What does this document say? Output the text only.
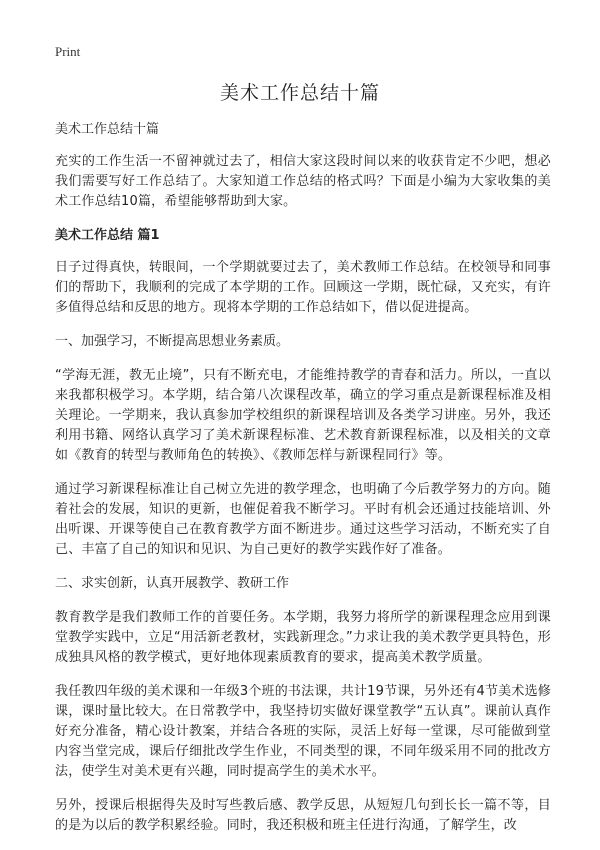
Print
美术工作总结十篇
美术工作总结十篇

充实的工作生活一不留神就过去了，相信大家这段时间以来的收获肯定不少吧，想必我们需要写好工作总结了。大家知道工作总结的格式吗？下面是小编为大家收集的美术工作总结10篇，希望能够帮助到大家。

美术工作总结 篇1

日子过得真快，转眼间，一个学期就要过去了，美术教师工作总结。在校领导和同事们的帮助下，我顺利的完成了本学期的工作。回顾这一学期，既忙碌，又充实，有许多值得总结和反思的地方。现将本学期的工作总结如下，借以促进提高。

一、加强学习，不断提高思想业务素质。

“学海无涯，教无止境”，只有不断充电，才能维持教学的青春和活力。所以，一直以来我都积极学习。本学期，结合第八次课程改革，确立的学习重点是新课程标准及相关理论。一学期来，我认真参加学校组织的新课程培训及各类学习讲座。另外，我还利用书籍、网络认真学习了美术新课程标准、艺术教育新课程标准，以及相关的文章如《教育的转型与教师角色的转换》、《教师怎样与新课程同行》等。

通过学习新课程标准让自己树立先进的教学理念，也明确了今后教学努力的方向。随着社会的发展，知识的更新，也催促着我不断学习。平时有机会还通过技能培训、外出听课、开课等使自己在教育教学方面不断进步。通过这些学习活动，不断充实了自己、丰富了自己的知识和见识、为自己更好的教学实践作好了准备。

二、求实创新，认真开展教学、教研工作

教育教学是我们教师工作的首要任务。本学期，我努力将所学的新课程理念应用到课堂教学实践中，立足“用活新老教材，实践新理念。”力求让我的美术教学更具特色，形成独具风格的教学模式，更好地体现素质教育的要求，提高美术教学质量。

我任教四年级的美术课和一年级3个班的书法课，共计19节课，另外还有4节美术选修课，课时量比较大。在日常教学中，我坚持切实做好课堂教学“五认真”。课前认真作好充分准备，精心设计教案，并结合各班的实际，灵活上好每一堂课，尽可能做到堂内容当堂完成，课后仔细批改学生作业，不同类型的课，不同年级采用不同的批改方法，使学生对美术更有兴趣，同时提高学生的美术水平。

另外，授课后根据得失及时写些教后感、教学反思，从短短几句到长长一篇不等，目的是为以后的教学积累经验。同时，我还积极和班主任进行沟通，了解学生，改
